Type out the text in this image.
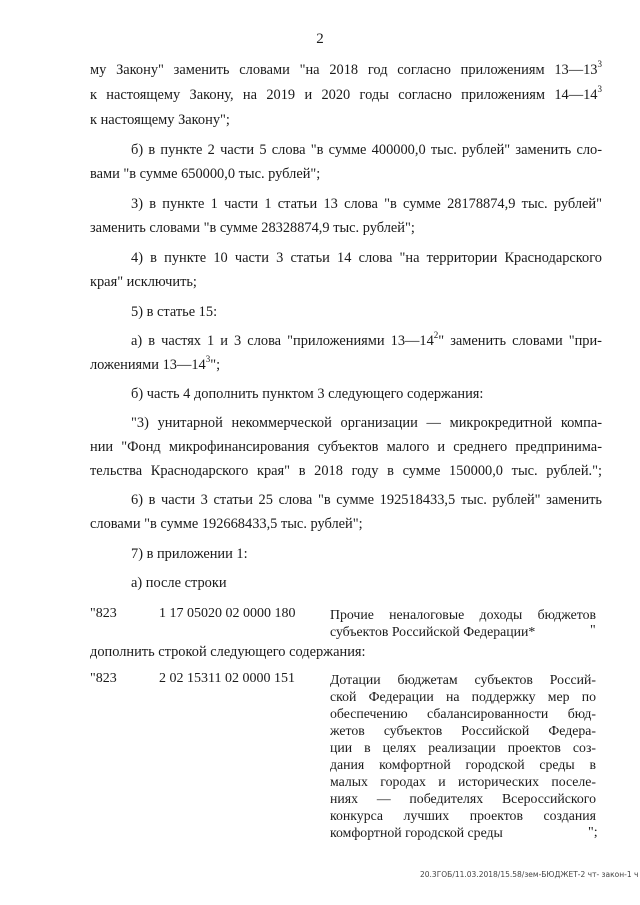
2
му Закону" заменить словами "на 2018 год согласно приложениям $13—13^3$
к настоящему Закону, на 2019 и 2020 годы согласно приложениям $14—14^3$
к настоящему Закону";
б) в пункте 2 части 5 слова "в сумме 400000,0 тыс. рублей" заменить сло-
вами "в сумме 650000,0 тыс. рублей";
3) в пункте 1 части 1 статьи 13 слова "в сумме 28178874,9 тыс. рублей"
заменить словами "в сумме 28328874,9 тыс. рублей";
4) в пункте 10 части 3 статьи 14 слова "на территории Краснодарского
края" исключить;
5) в статье 15:
а) в частях 1 и 3 слова "приложениями $13—14^2$" заменить словами "при-
ложениями $13—14^3$";
б) часть 4 дополнить пунктом 3 следующего содержания:
"3) унитарной некоммерческой организации — микрокредитной компа-
нии "Фонд микрофинансирования субъектов малого и среднего предпринима-
тельства Краснодарского края" в 2018 году в сумме 150000,0 тыс. рублей.";
6) в части 3 статьи 25 слова "в сумме 192518433,5 тыс. рублей" заменить
словами "в сумме 192668433,5 тыс. рублей";
7) в приложении 1:
а) после строки
"823	1 17 05020 02 0000 180	Прочие неналоговые доходы бюджетов
субъектов Российской Федерации*	"
дополнить строкой следующего содержания:
"823	2 02 15311 02 0000 151	Дотации бюджетам субъектов Россий-
ской Федерации на поддержку мер по
обеспечению сбалансированности бюд-
жетов субъектов Российской Федера-
ции в целях реализации проектов соз-
дания комфортной городской среды в
малых городах и исторических поселе-
ниях — победителях Всероссийского
конкурса лучших проектов создания
комфортной городской среды	";
20.3ГОБ/11.03.2018/15.58/зем-БЮДЖЕТ-2 чт- закон-1 ч
